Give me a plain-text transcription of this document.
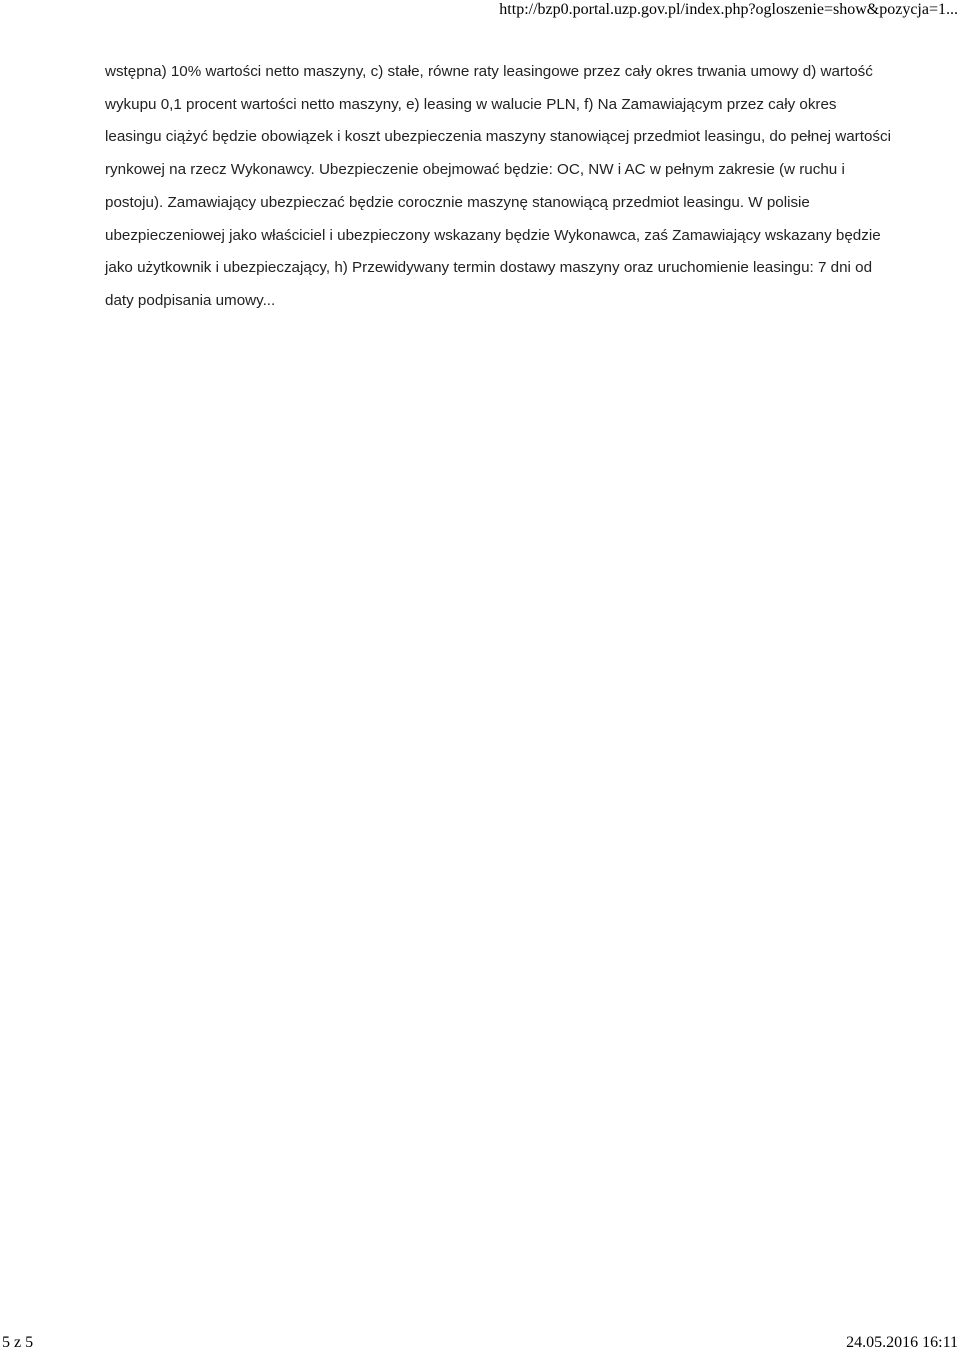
http://bzp0.portal.uzp.gov.pl/index.php?ogloszenie=show&pozycja=1...

wstępna) 10% wartości netto maszyny, c) stałe, równe raty leasingowe przez cały okres trwania umowy d) wartość wykupu 0,1 procent wartości netto maszyny, e) leasing w walucie PLN, f) Na Zamawiającym przez cały okres leasingu ciążyć będzie obowiązek i koszt ubezpieczenia maszyny stanowiącej przedmiot leasingu, do pełnej wartości rynkowej na rzecz Wykonawcy. Ubezpieczenie obejmować będzie: OC, NW i AC w pełnym zakresie (w ruchu i postoju). Zamawiający ubezpieczać będzie corocznie maszynę stanowiącą przedmiot leasingu. W polisie ubezpieczeniowej jako właściciel i ubezpieczony wskazany będzie Wykonawca, zaś Zamawiający wskazany będzie jako użytkownik i ubezpieczający, h) Przewidywany termin dostawy maszyny oraz uruchomienie leasingu: 7 dni od daty podpisania umowy...

5 z 5	24.05.2016 16:11
